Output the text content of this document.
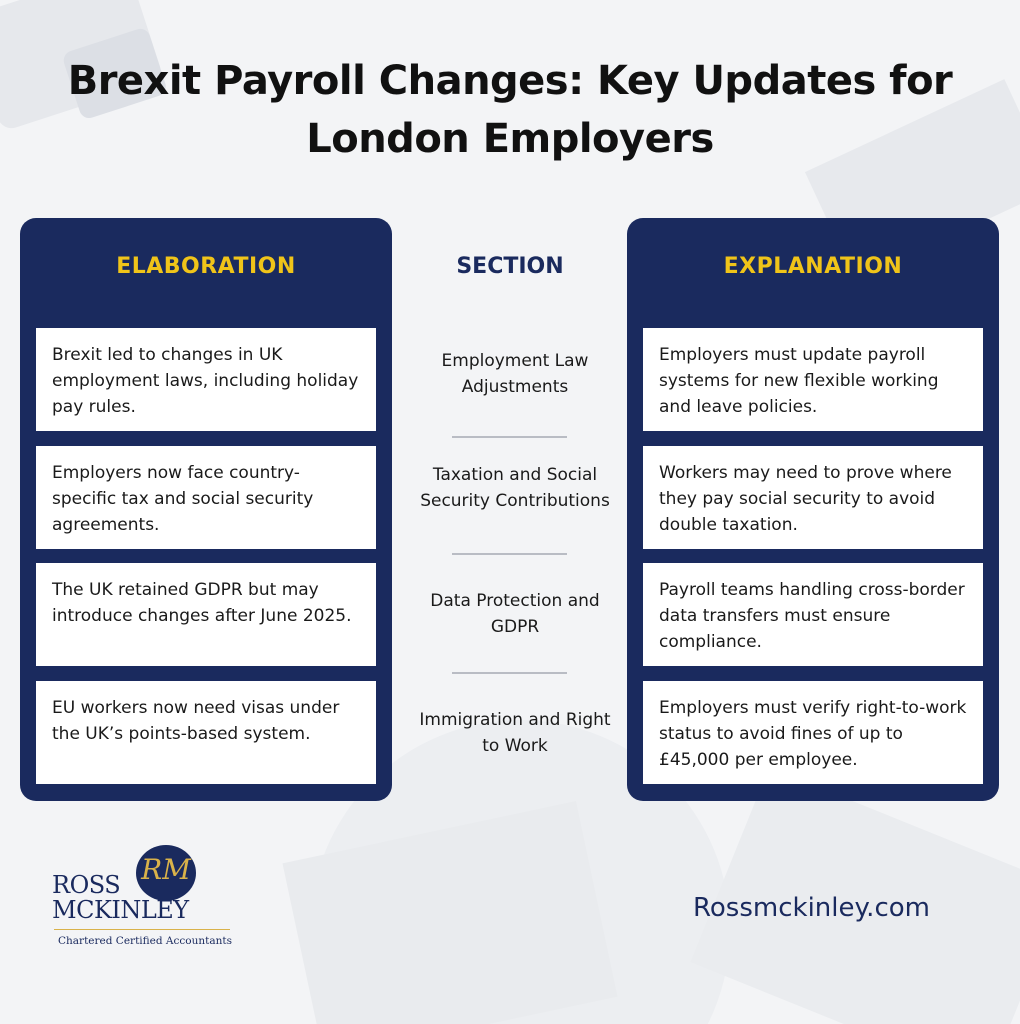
Brexit Payroll Changes: Key Updates for London Employers
ELABORATION
Brexit led to changes in UK employment laws, including holiday pay rules.
Employers now face country-specific tax and social security agreements.
The UK retained GDPR but may introduce changes after June 2025.
EU workers now need visas under the UK’s points-based system.
SECTION
Employment Law Adjustments
Taxation and Social Security Contributions
Data Protection and GDPR
Immigration and Right to Work
EXPLANATION
Employers must update payroll systems for new flexible working and leave policies.
Workers may need to prove where they pay social security to avoid double taxation.
Payroll teams handling cross-border data transfers must ensure compliance.
Employers must verify right-to-work status to avoid fines of up to £45,000 per employee.
RM
ROSS
MCKINLEY
Chartered Certified Accountants
Rossmckinley.com
